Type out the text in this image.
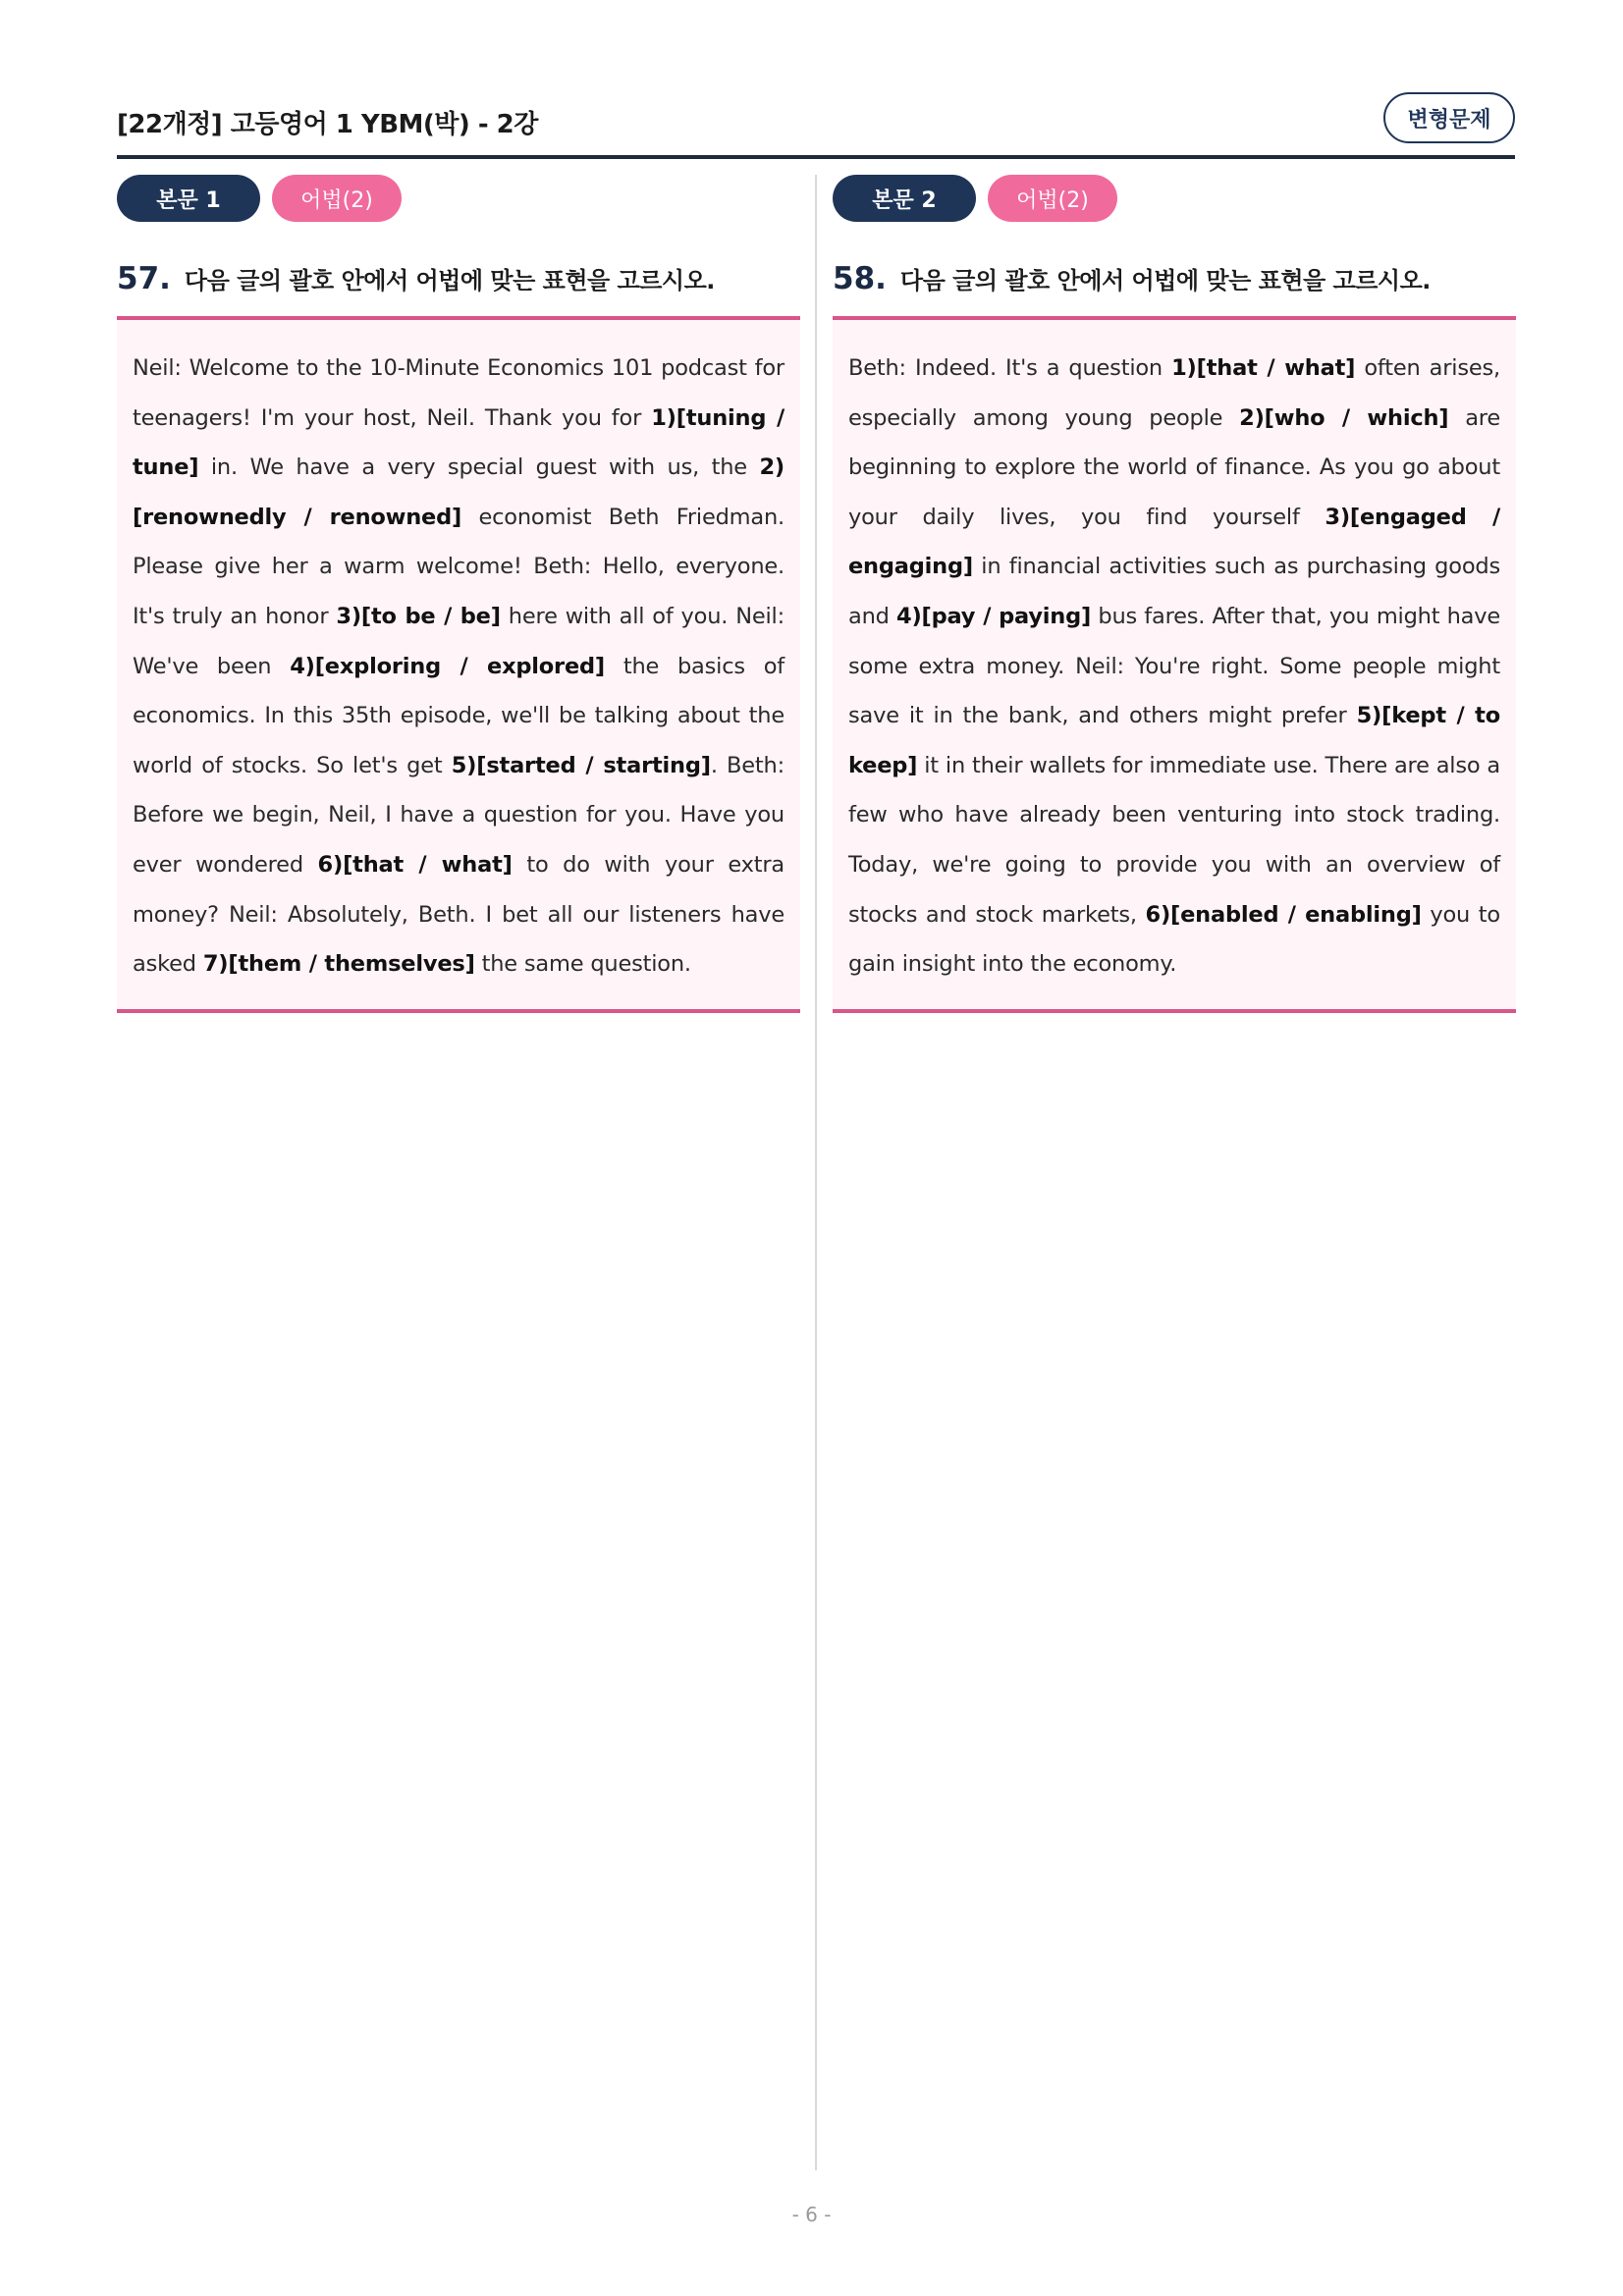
[22개정] 고등영어 1 YBM(박) - 2강	변형문제
본문 1	어법(2)
57. 다음 글의 괄호 안에서 어법에 맞는 표현을 고르시오.

Neil: Welcome to the 10-Minute Economics 101 podcast for teenagers! I'm your host, Neil. Thank you for 1)[tuning / tune] in. We have a very special guest with us, the 2)[renownedly / renowned] economist Beth Friedman. Please give her a warm welcome! Beth: Hello, everyone. It's truly an honor 3)[to be / be] here with all of you. Neil: We've been 4)[exploring / explored] the basics of economics. In this 35th episode, we'll be talking about the world of stocks. So let's get 5)[started / starting]. Beth: Before we begin, Neil, I have a question for you. Have you ever wondered 6)[that / what] to do with your extra money? Neil: Absolutely, Beth. I bet all our listeners have asked 7)[them / themselves] the same question.

본문 2	어법(2)
58. 다음 글의 괄호 안에서 어법에 맞는 표현을 고르시오.

Beth: Indeed. It's a question 1)[that / what] often arises, especially among young people 2)[who / which] are beginning to explore the world of finance. As you go about your daily lives, you find yourself 3)[engaged / engaging] in financial activities such as purchasing goods and 4)[pay / paying] bus fares. After that, you might have some extra money. Neil: You're right. Some people might save it in the bank, and others might prefer 5)[kept / to keep] it in their wallets for immediate use. There are also a few who have already been venturing into stock trading. Today, we're going to provide you with an overview of stocks and stock markets, 6)[enabled / enabling] you to gain insight into the economy.

- 6 -
